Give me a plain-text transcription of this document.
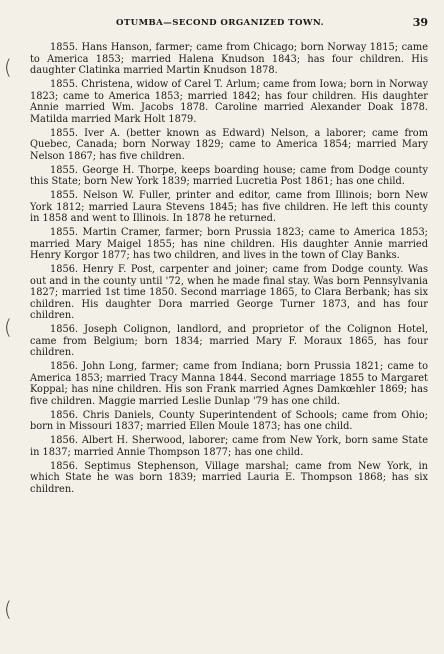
OTUMBA—SECOND ORGANIZED TOWN.	39
(
(
(

1855. Hans Hanson, farmer; came from Chicago; born Norway 1815; came to America 1853; married Halena Knudson 1843; has four children. His daughter Clatinka married Martin Knudson 1878.

1855. Christena, widow of Carel T. Arlum; came from Iowa; born in Norway 1823; came to America 1853; married 1842; has four children. His daughter Annie married Wm. Jacobs 1878. Caroline married Alexander Doak 1878. Matilda married Mark Holt 1879.

1855. Iver A. (better known as Edward) Nelson, a laborer; came from Quebec, Canada; born Norway 1829; came to America 1854; married Mary Nelson 1867; has five children.

1855. George H. Thorpe, keeps boarding house; came from Dodge county this State; born New York 1839; married Lucretia Post 1861; has one child.

1855. Nelson W. Fuller, printer and editor, came from Illinois; born New York 1812; married Laura Stevens 1845; has five children. He left this county in 1858 and went to Illinois. In 1878 he returned.

1855. Martin Cramer, farmer; born Prussia 1823; came to America 1853; married Mary Maigel 1855; has nine children. His daughter Annie married Henry Korgor 1877; has two children, and lives in the town of Clay Banks.

1856. Henry F. Post, carpenter and joiner; came from Dodge county. Was out and in the county until '72, when he made final stay. Was born Pennsylvania 1827; married 1st time 1850. Second marriage 1865, to Clara Berbank; has six children. His daughter Dora married George Turner 1873, and has four children.

1856. Joseph Colignon, landlord, and proprietor of the Colignon Hotel, came from Belgium; born 1834; married Mary F. Moraux 1865, has four children.

1856. John Long, farmer; came from Indiana; born Prussia 1821; came to America 1853; married Tracy Manna 1844. Second marriage 1855 to Margaret Koppal; has nine children. His son Frank married Agnes Damkœhler 1869; has five children. Maggie married Leslie Dunlap '79 has one child.

1856. Chris Daniels, County Superintendent of Schools; came from Ohio; born in Missouri 1837; married Ellen Moule 1873; has one child.

1856. Albert H. Sherwood, laborer; came from New York, born same State in 1837; married Annie Thompson 1877; has one child.

1856. Septimus Stephenson, Village marshal; came from New York, in which State he was born 1839; married Lauria E. Thompson 1868; has six children.
